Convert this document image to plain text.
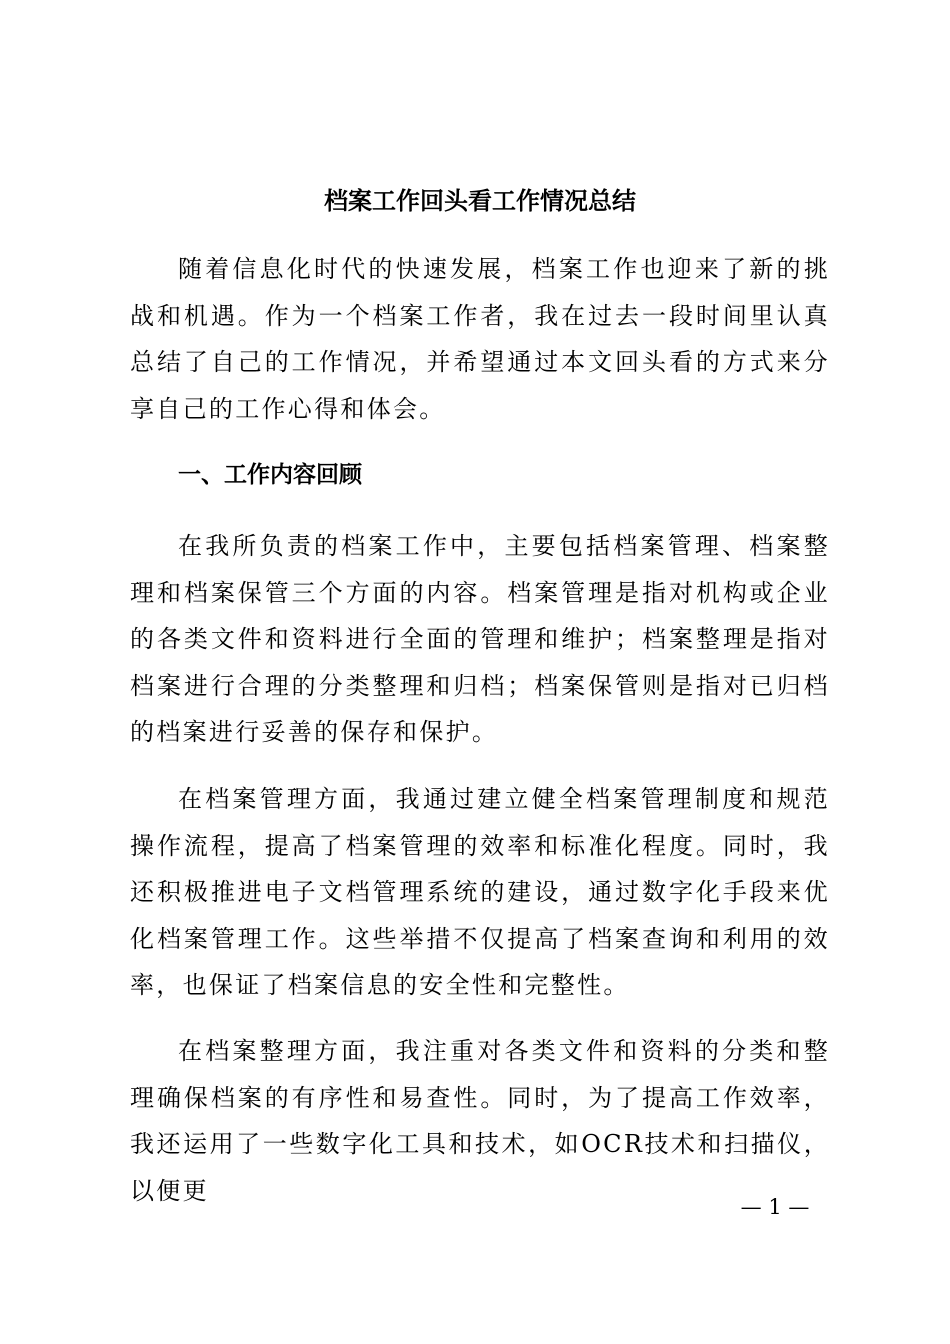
档案工作回头看工作情况总结

随着信息化时代的快速发展，档案工作也迎来了新的挑战和机遇。作为一个档案工作者，我在过去一段时间里认真总结了自己的工作情况，并希望通过本文回头看的方式来分享自己的工作心得和体会。

一、工作内容回顾

在我所负责的档案工作中，主要包括档案管理、档案整理和档案保管三个方面的内容。档案管理是指对机构或企业的各类文件和资料进行全面的管理和维护；档案整理是指对档案进行合理的分类整理和归档；档案保管则是指对已归档的档案进行妥善的保存和保护。

在档案管理方面，我通过建立健全档案管理制度和规范操作流程，提高了档案管理的效率和标准化程度。同时，我还积极推进电子文档管理系统的建设，通过数字化手段来优化档案管理工作。这些举措不仅提高了档案查询和利用的效率，也保证了档案信息的安全性和完整性。

在档案整理方面，我注重对各类文件和资料的分类和整理确保档案的有序性和易查性。同时，为了提高工作效率，我还运用了一些数字化工具和技术，如OCR技术和扫描仪，以便更

— 1 —
